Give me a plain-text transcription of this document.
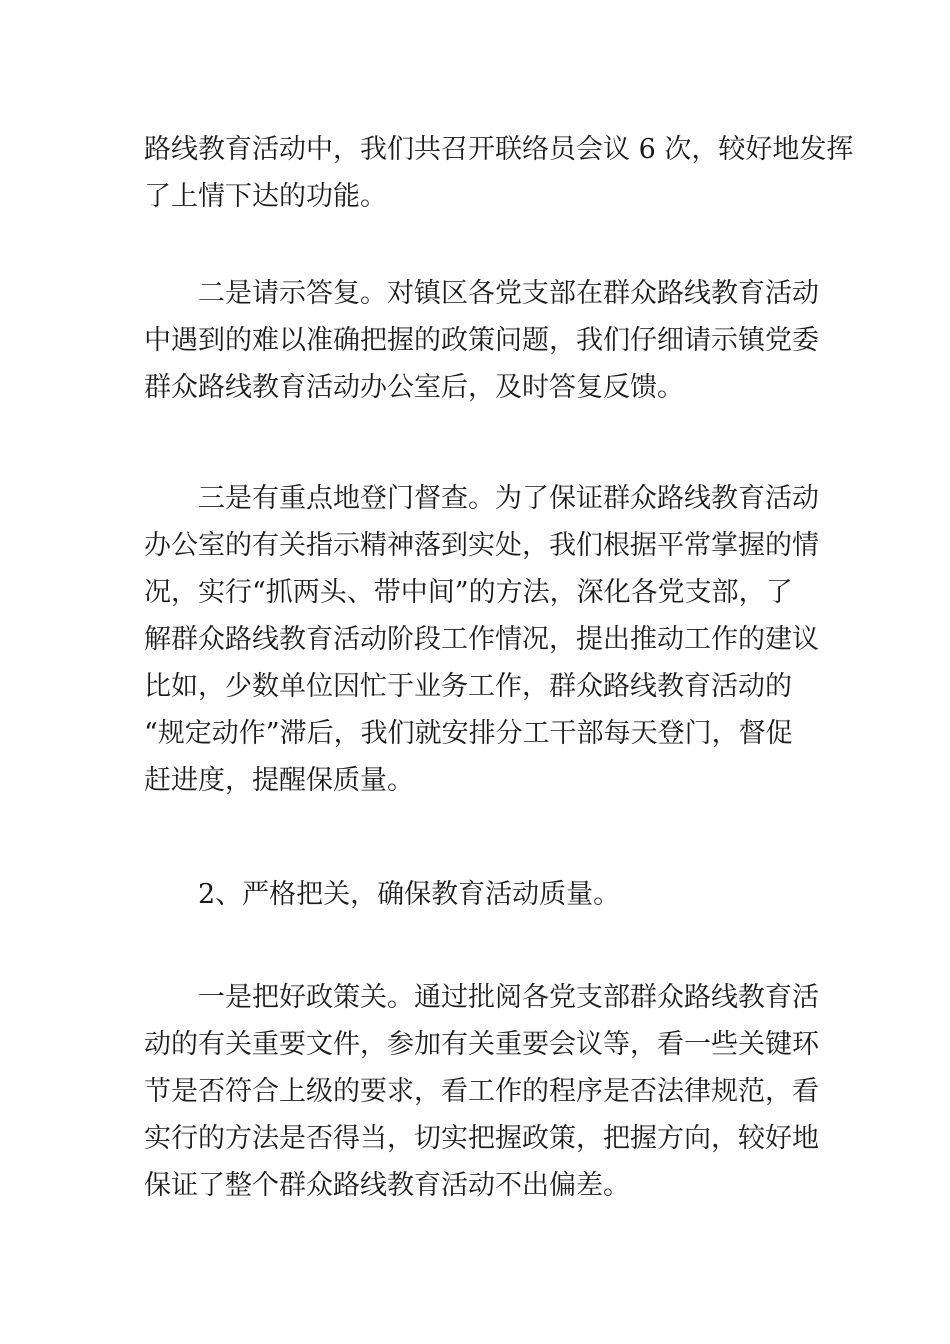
路线教育活动中，我们共召开联络员会议 6 次，较好地发挥
了上情下达的功能。
二是请示答复。对镇区各党支部在群众路线教育活动
中遇到的难以准确把握的政策问题，我们仔细请示镇党委
群众路线教育活动办公室后，及时答复反馈。
三是有重点地登门督查。为了保证群众路线教育活动
办公室的有关指示精神落到实处，我们根据平常掌握的情
况，实行“抓两头、带中间”的方法，深化各党支部，了
解群众路线教育活动阶段工作情况，提出推动工作的建议
比如，少数单位因忙于业务工作，群众路线教育活动的
“规定动作”滞后，我们就安排分工干部每天登门，督促
赶进度，提醒保质量。
2、严格把关，确保教育活动质量。
一是把好政策关。通过批阅各党支部群众路线教育活
动的有关重要文件，参加有关重要会议等，看一些关键环
节是否符合上级的要求，看工作的程序是否法律规范，看
实行的方法是否得当，切实把握政策，把握方向，较好地
保证了整个群众路线教育活动不出偏差。
